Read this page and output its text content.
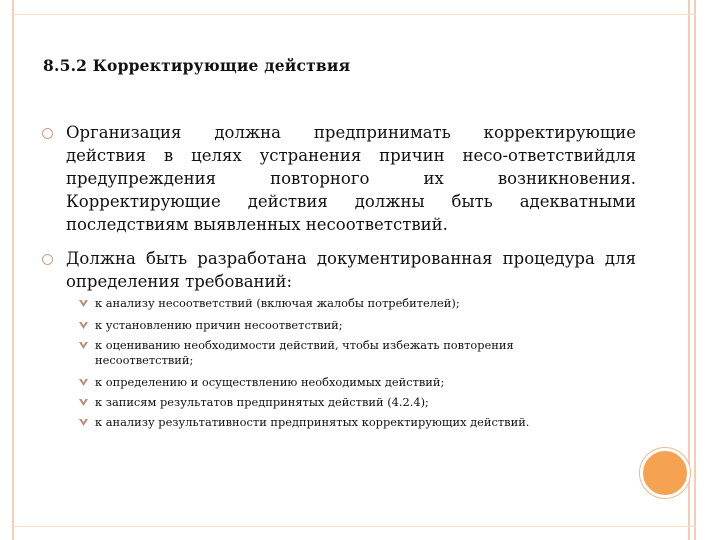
8.5.2 Корректирующие действия
Организация должна предпринимать корректирующие действия в целях устранения причин несо-ответствийдля предупреждения повторного их возникновения. Корректирующие действия должны быть адекватными последствиям выявленных несоответствий.
Должна быть разработана документированная процедура для определения требований:
к анализу несоответствий (включая жалобы потребителей);
к установлению причин несоответствий;
к оцениванию необходимости действий, чтобы избежать повторения несоответствий;
к определению и осуществлению необходимых действий;
к записям результатов предпринятых действий (4.2.4);
к анализу результативности предпринятых корректирующих действий.
